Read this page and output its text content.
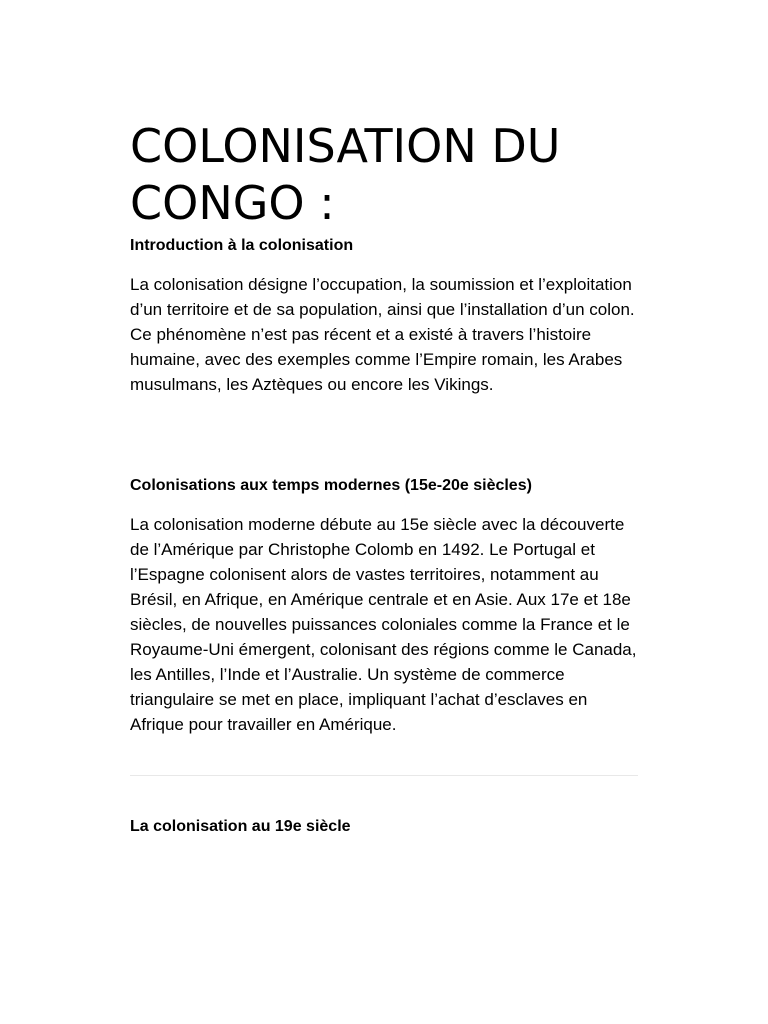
COLONISATION DU CONGO :
Introduction à la colonisation

La colonisation désigne l’occupation, la soumission et l’exploitation d’un territoire et de sa population, ainsi que l’installation d’un colon. Ce phénomène n’est pas récent et a existé à travers l’histoire humaine, avec des exemples comme l’Empire romain, les Arabes musulmans, les Aztèques ou encore les Vikings.

Colonisations aux temps modernes (15e-20e siècles)

La colonisation moderne débute au 15e siècle avec la découverte de l’Amérique par Christophe Colomb en 1492. Le Portugal et l’Espagne colonisent alors de vastes territoires, notamment au Brésil, en Afrique, en Amérique centrale et en Asie. Aux 17e et 18e siècles, de nouvelles puissances coloniales comme la France et le Royaume-Uni émergent, colonisant des régions comme le Canada, les Antilles, l’Inde et l’Australie. Un système de commerce triangulaire se met en place, impliquant l’achat d’esclaves en Afrique pour travailler en Amérique.

La colonisation au 19e siècle
